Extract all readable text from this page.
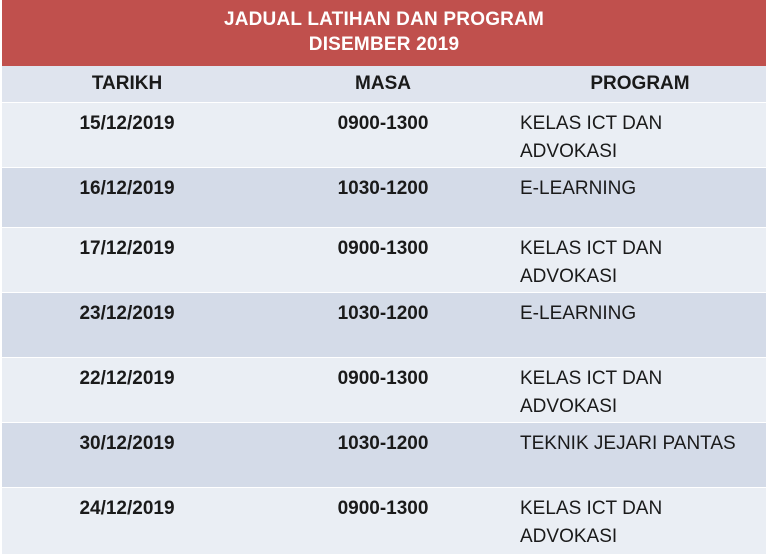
JADUAL LATIHAN DAN PROGRAM
DISEMBER 2019
TARIKH	MASA	PROGRAM
15/12/2019	0900-1300	KELAS ICT DAN
ADVOKASI
16/12/2019	1030-1200	E-LEARNING
17/12/2019	0900-1300	KELAS ICT DAN
ADVOKASI
23/12/2019	1030-1200	E-LEARNING
22/12/2019	0900-1300	KELAS ICT DAN
ADVOKASI
30/12/2019	1030-1200	TEKNIK JEJARI PANTAS
24/12/2019	0900-1300	KELAS ICT DAN
ADVOKASI
